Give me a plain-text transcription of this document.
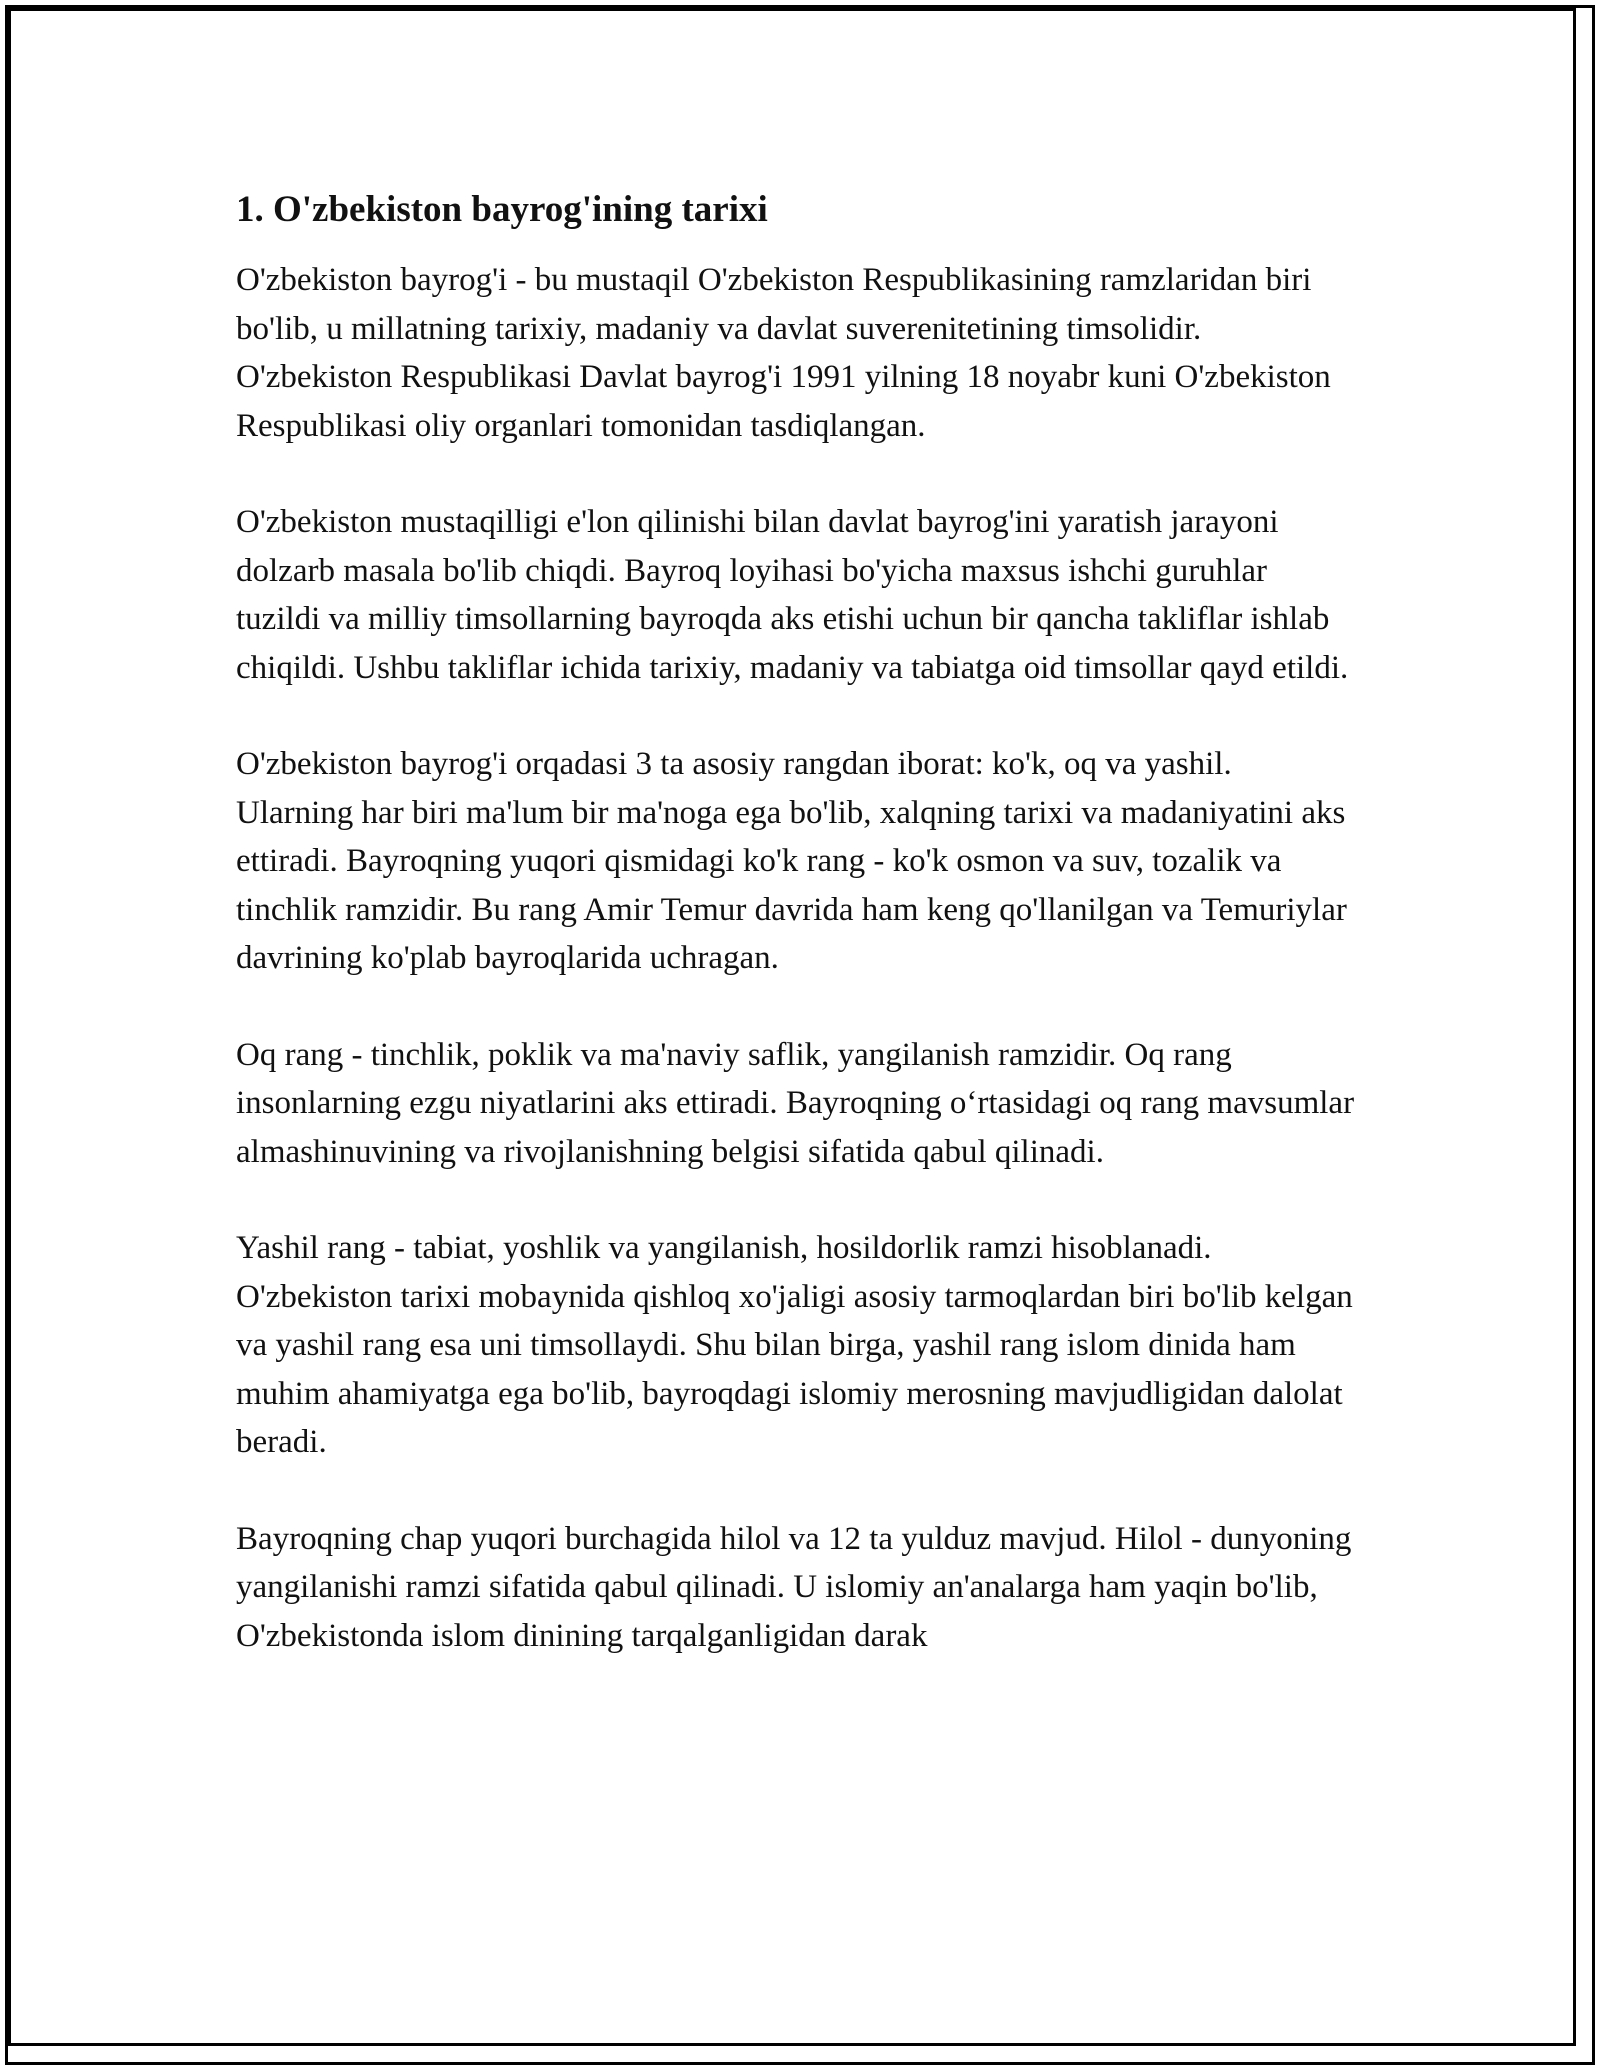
1. O'zbekiston bayrog'ining tarixi

O'zbekiston bayrog'i - bu mustaqil O'zbekiston Respublikasining ramzlaridan biri bo'lib, u millatning tarixiy, madaniy va davlat suverenitetining timsolidir. O'zbekiston Respublikasi Davlat bayrog'i 1991 yilning 18 noyabr kuni O'zbekiston Respublikasi oliy organlari tomonidan tasdiqlangan.

O'zbekiston mustaqilligi e'lon qilinishi bilan davlat bayrog'ini yaratish jarayoni dolzarb masala bo'lib chiqdi. Bayroq loyihasi bo'yicha maxsus ishchi guruhlar tuzildi va milliy timsollarning bayroqda aks etishi uchun bir qancha takliflar ishlab chiqildi. Ushbu takliflar ichida tarixiy, madaniy va tabiatga oid timsollar qayd etildi.

O'zbekiston bayrog'i orqadasi 3 ta asosiy rangdan iborat: ko'k, oq va yashil. Ularning har biri ma'lum bir ma'noga ega bo'lib, xalqning tarixi va madaniyatini aks ettiradi. Bayroqning yuqori qismidagi ko'k rang - ko'k osmon va suv, tozalik va tinchlik ramzidir. Bu rang Amir Temur davrida ham keng qo'llanilgan va Temuriylar davrining ko'plab bayroqlarida uchragan.

Oq rang - tinchlik, poklik va ma'naviy saflik, yangilanish ramzidir. Oq rang insonlarning ezgu niyatlarini aks ettiradi. Bayroqning o‘rtasidagi oq rang mavsumlar almashinuvining va rivojlanishning belgisi sifatida qabul qilinadi.

Yashil rang - tabiat, yoshlik va yangilanish, hosildorlik ramzi hisoblanadi. O'zbekiston tarixi mobaynida qishloq xo'jaligi asosiy tarmoqlardan biri bo'lib kelgan va yashil rang esa uni timsollaydi. Shu bilan birga, yashil rang islom dinida ham muhim ahamiyatga ega bo'lib, bayroqdagi islomiy merosning mavjudligidan dalolat beradi.

Bayroqning chap yuqori burchagida hilol va 12 ta yulduz mavjud. Hilol - dunyoning yangilanishi ramzi sifatida qabul qilinadi. U islomiy an'analarga ham yaqin bo'lib, O'zbekistonda islom dinining tarqalganligidan darak
